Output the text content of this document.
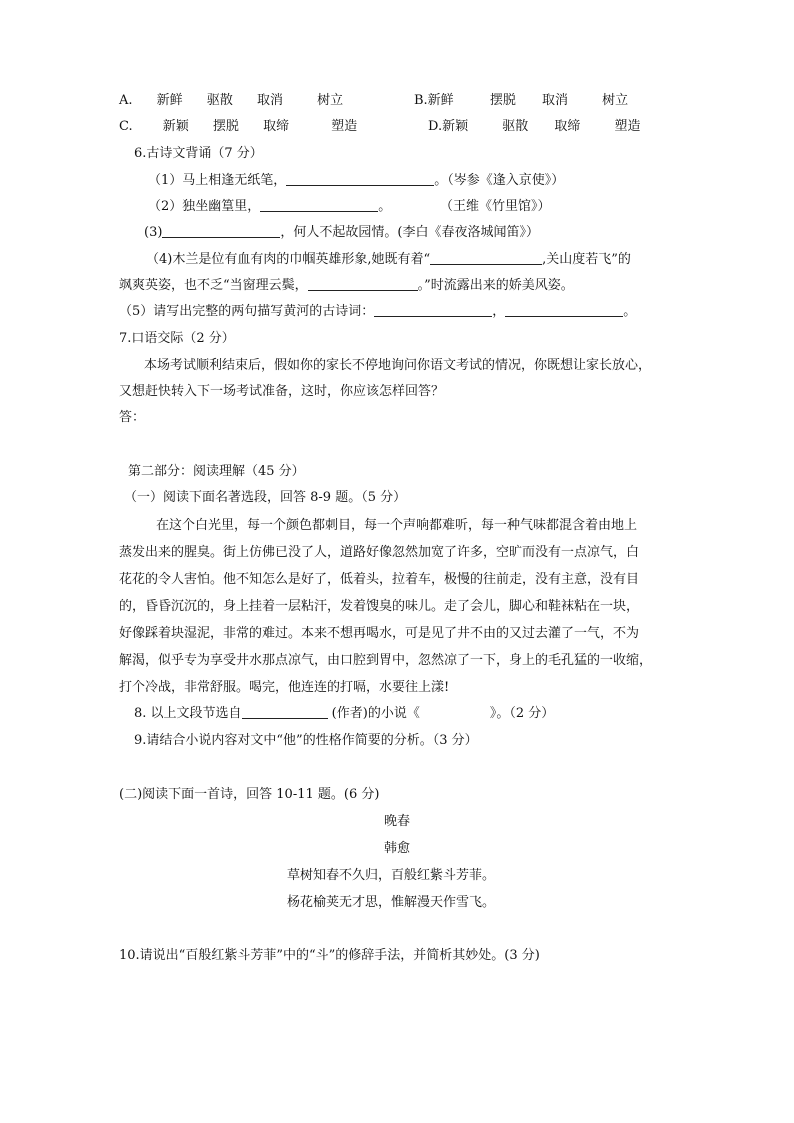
A. 新鲜 驱散 取消	树立	B.新鲜	摆脱 取消	树立
C. 新颖 摆脱 取缔	塑造	D.新颖	驱散 取缔	塑造
6.古诗文背诵（7 分）
（1）马上相逢无纸笔，	。（岑参《逢入京使》）
（2）独坐幽篁里，	。	（王维《竹里馆》）
(3)	，何人不起故园情。(李白《春夜洛城闻笛》）
（4)木兰是位有血有肉的巾帼英雄形象,她既有着“	,关山度若飞”的
飒爽英姿，也不乏“当窗理云鬓，	。”时流露出来的娇美风姿。
（5）请写出完整的两句描写黄河的古诗词：	，	。
7.口语交际（2 分）
本场考试顺利结束后，假如你的家长不停地询问你语文考试的情况，你既想让家长放心，
又想赶快转入下一场考试准备，这时，你应该怎样回答？
答：
第二部分：阅读理解（45 分）
（一）阅读下面名著选段，回答 8-9 题。（5 分）
在这个白光里，每一个颜色都刺目，每一个声响都难听，每一种气味都混含着由地上
蒸发出来的腥臭。街上仿佛已没了人，道路好像忽然加宽了许多，空旷而没有一点凉气，白
花花的令人害怕。他不知怎么是好了，低着头，拉着车，极慢的往前走，没有主意，没有目
的，昏昏沉沉的，身上挂着一层粘汗，发着馊臭的味儿。走了会儿，脚心和鞋袜粘在一块，
好像踩着块湿泥，非常的难过。本来不想再喝水，可是见了井不由的又过去灌了一气，不为
解渴，似乎专为享受井水那点凉气，由口腔到胃中，忽然凉了一下，身上的毛孔猛的一收缩，
打个冷战，非常舒服。喝完，他连连的打嗝，水要往上漾!
8. 以上文段节选自	(作者)的小说《	》。（2 分）
9.请结合小说内容对文中“他”的性格作简要的分析。（3 分）
(二)阅读下面一首诗，回答 10-11 题。(6 分)
晚春
韩愈
草树知春不久归，百般红紫斗芳菲。
杨花榆荚无才思，惟解漫天作雪飞。
10.请说出“百般红紫斗芳菲”中的“斗”的修辞手法，并简析其妙处。(3 分)
